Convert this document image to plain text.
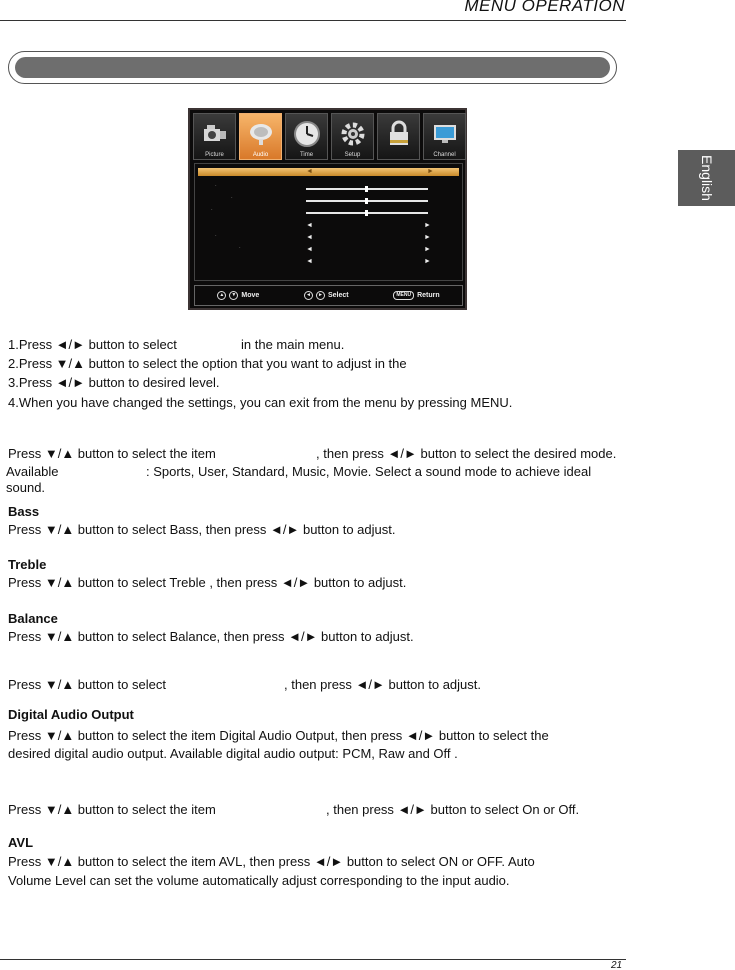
MENU OPERATION
English
Picture	Audio	Time	Setup	Channel
◄	►
◄	►
◄	►
◄	►
◄	►
·
·
·
·
·
▲	▼ Move	◄	► Select	MENU Return
1.Press ◄/► button to select	in the main menu.
2.Press ▼/▲ button to select the option that you want to adjust in the
3.Press ◄/► button to desired level.
4.When you have changed the settings, you can exit from the menu by pressing MENU.
Press ▼/▲ button to select the item	, then press ◄/► button to select the desired mode.
Available	: Sports, User, Standard, Music, Movie. Select a sound mode to achieve ideal
sound.
Bass
Press ▼/▲ button to select Bass, then press ◄/► button to adjust.
Treble
Press ▼/▲ button to select Treble , then press ◄/► button to adjust.
Balance
Press ▼/▲ button to select Balance, then press ◄/► button to adjust.
Press ▼/▲ button to select	, then press ◄/► button to adjust.
Digital Audio Output
Press ▼/▲ button to select the item Digital Audio Output, then press ◄/► button to select the
desired digital audio output. Available digital audio output: PCM, Raw and Off .
Press ▼/▲ button to select the item	, then press ◄/► button to select On or Off.
AVL
Press ▼/▲ button to select the item AVL, then press ◄/► button to select ON or OFF. Auto
Volume Level can set the volume automatically adjust corresponding to the input audio.
21
